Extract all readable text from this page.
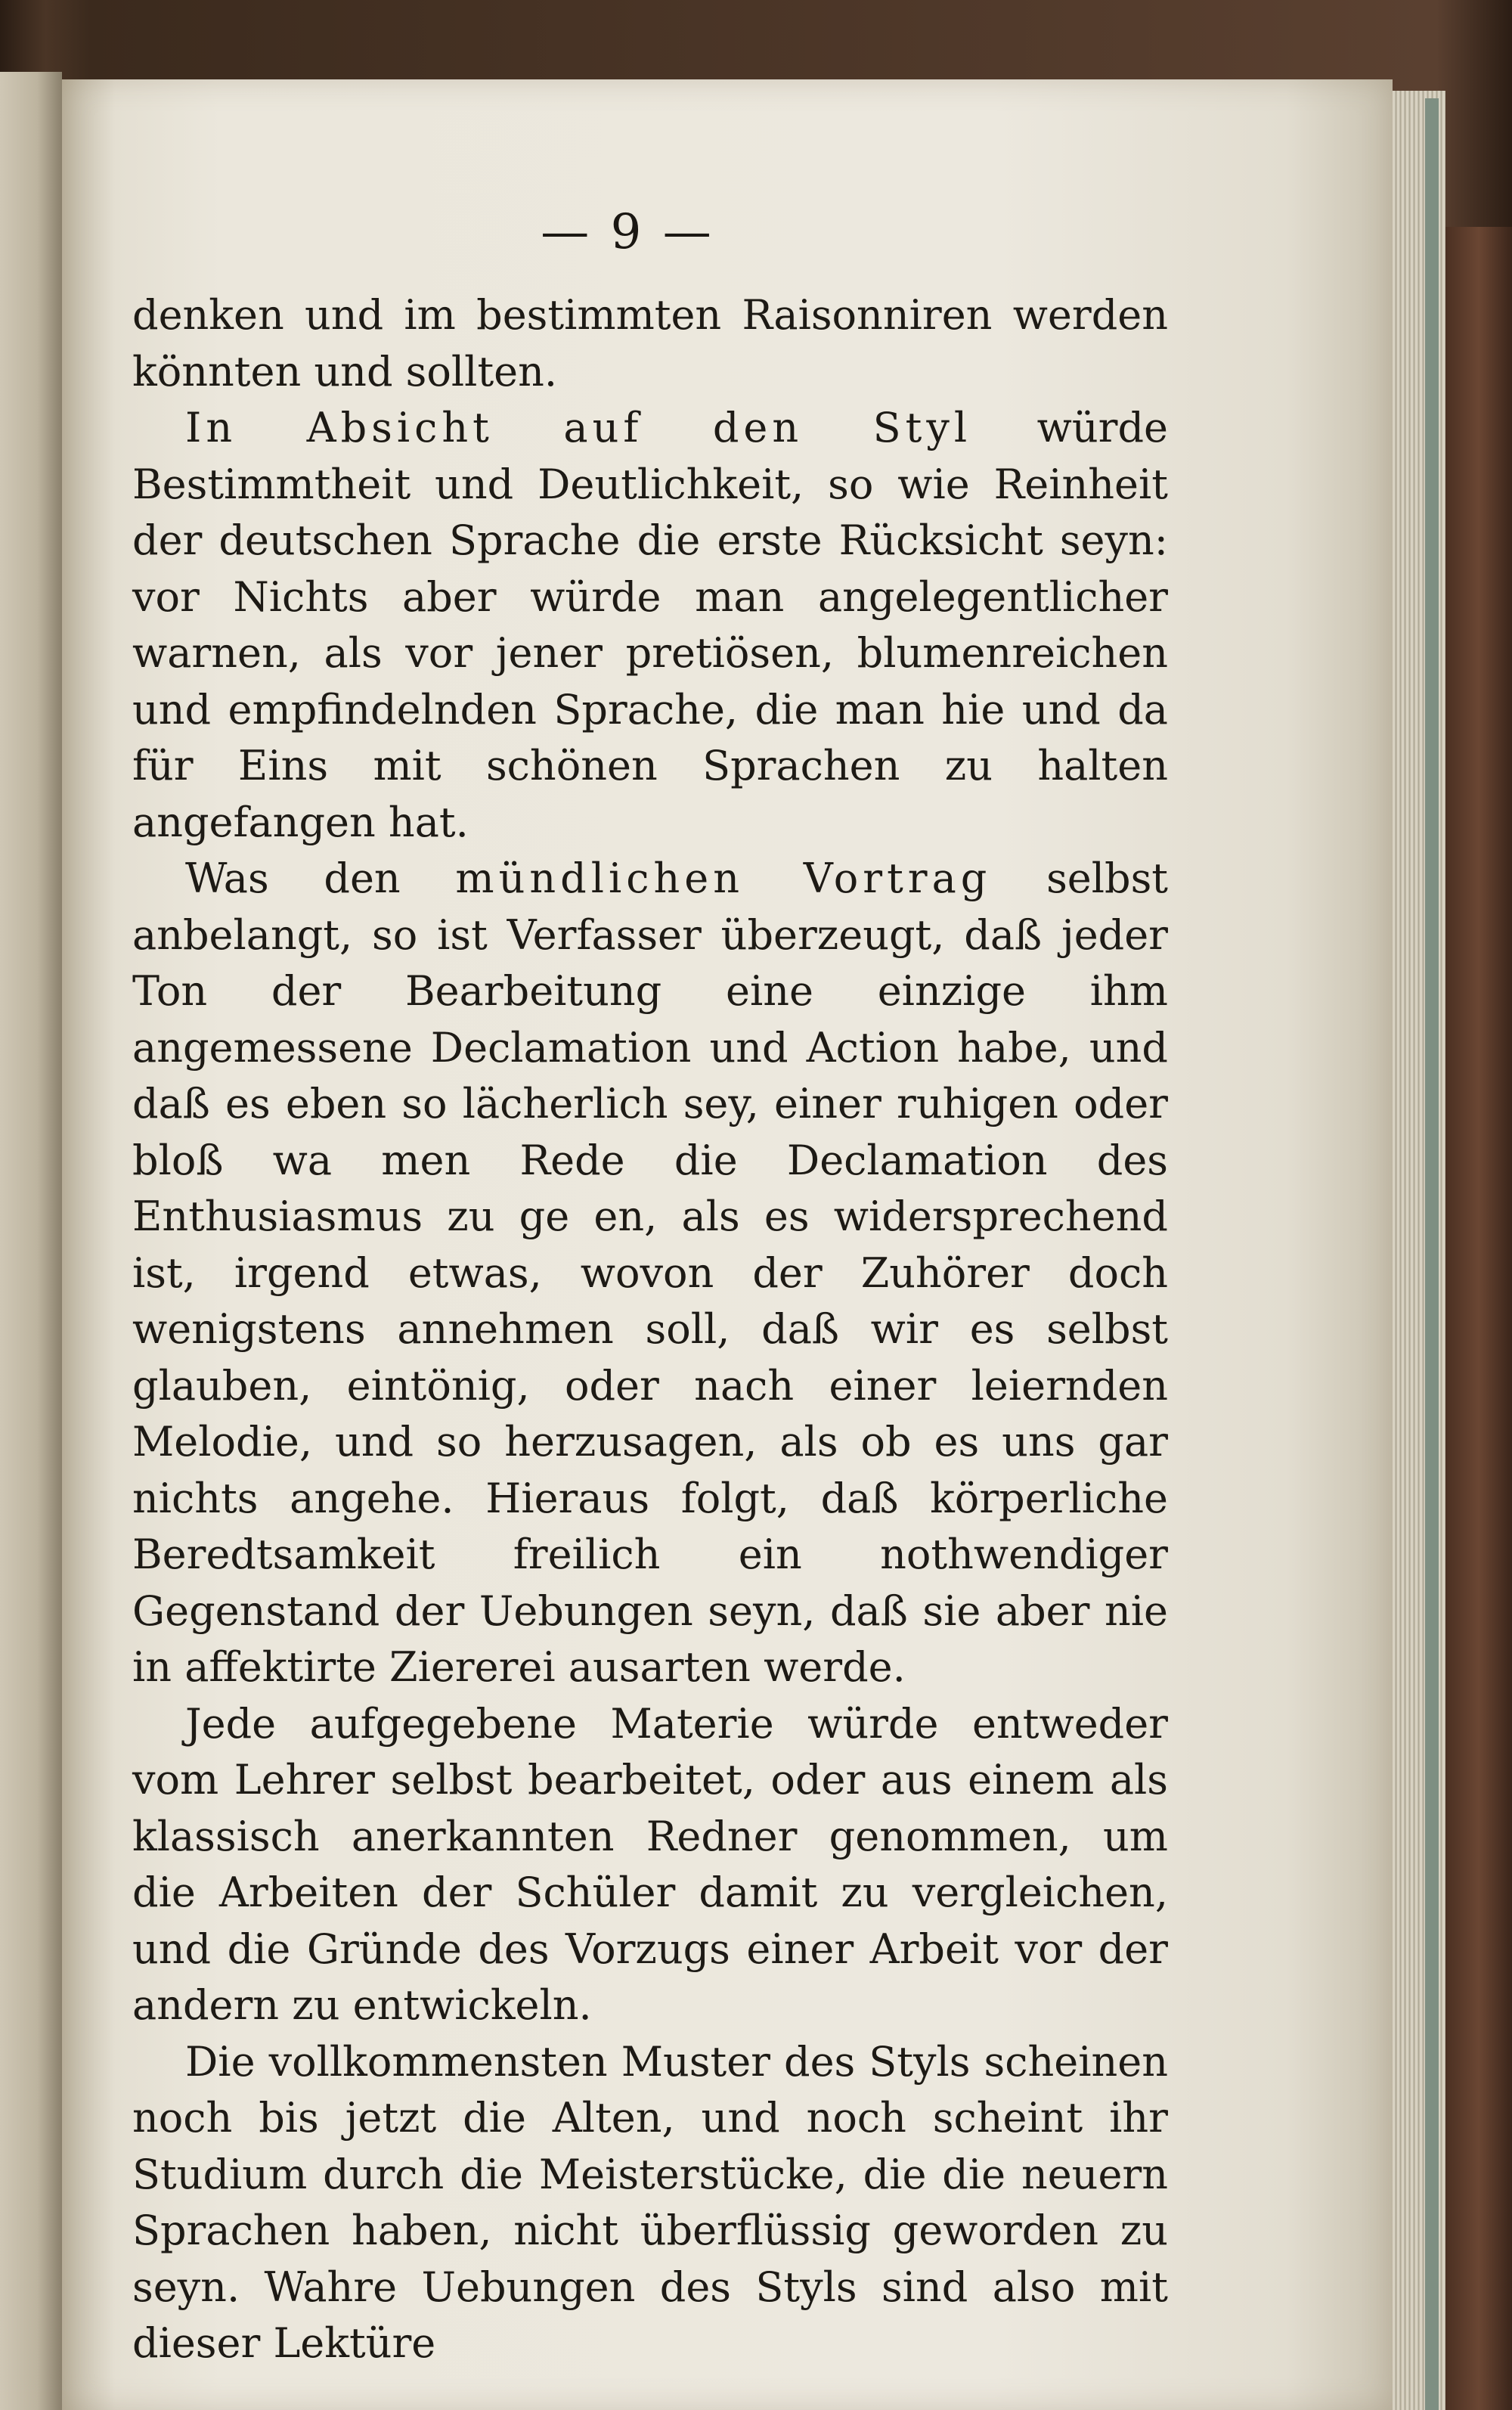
— 9 —

denken und im bestimmten Raisonniren werden könnten und sollten.

In Absicht auf den Styl würde Bestimmtheit und Deutlichkeit, so wie Reinheit der deutschen Sprache die erste Rücksicht seyn: vor Nichts aber würde man angelegentlicher warnen, als vor jener pretiösen, blumenreichen und empfindelnden Sprache, die man hie und da für Eins mit schönen Sprachen zu halten angefangen hat.

Was den mündlichen Vortrag selbst anbelangt, so ist Verfasser überzeugt, daß jeder Ton der Bearbeitung eine einzige ihm angemessene Declamation und Action habe, und daß es eben so lächerlich sey, einer ruhigen oder bloß wa men Rede die Declamation des Enthusiasmus zu ge en, als es widersprechend ist, irgend etwas, wovon der Zuhörer doch wenigstens annehmen soll, daß wir es selbst glauben, eintönig, oder nach einer leiernden Melodie, und so herzusagen, als ob es uns gar nichts angehe. Hieraus folgt, daß körperliche Beredtsamkeit freilich ein nothwendiger Gegenstand der Uebungen seyn, daß sie aber nie in affektirte Ziererei ausarten werde.

Jede aufgegebene Materie würde entweder vom Lehrer selbst bearbeitet, oder aus einem als klassisch anerkannten Redner genommen, um die Arbeiten der Schüler damit zu vergleichen, und die Gründe des Vorzugs einer Arbeit vor der andern zu entwickeln.

Die vollkommensten Muster des Styls scheinen noch bis jetzt die Alten, und noch scheint ihr Studium durch die Meisterstücke, die die neuern Sprachen haben, nicht überflüssig geworden zu seyn. Wahre Uebungen des Styls sind also mit dieser Lektüre
